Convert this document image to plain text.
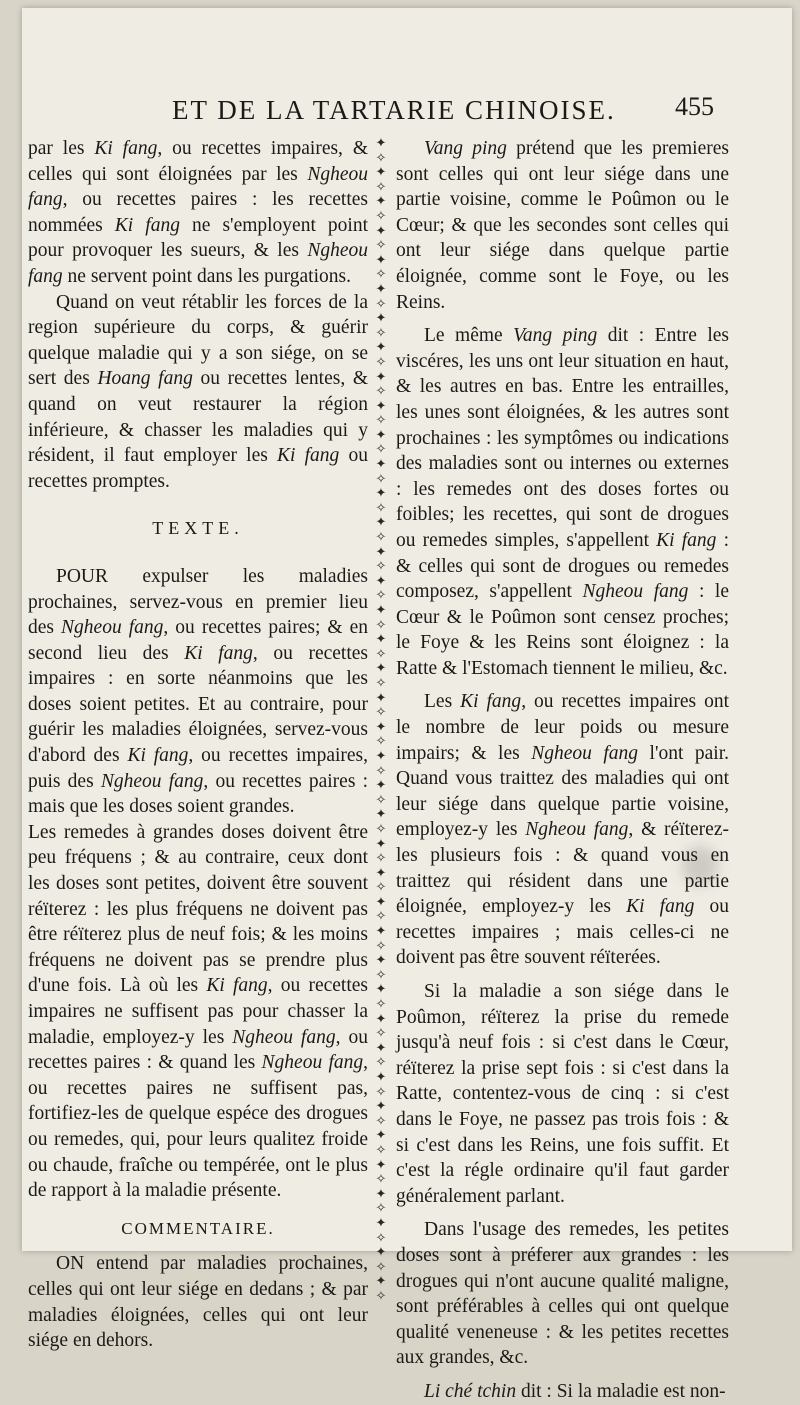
ET DE LA TARTARIE CHINOISE. 455

par les Ki fang, ou recettes impaires, & celles qui sont éloignées par les Ngheou fang, ou recettes paires : les recettes nommées Ki fang ne s'employent point pour provoquer les sueurs, & les Ngheou fang ne servent point dans les purgations.

Quand on veut rétablir les forces de la region supérieure du corps, & guérir quelque maladie qui y a son siége, on se sert des Hoang fang ou recettes lentes, & quand on veut restaurer la région inférieure, & chasser les maladies qui y résident, il faut employer les Ki fang ou recettes promptes.

TEXTE.

POUR expulser les maladies prochaines, servez-vous en premier lieu des Ngheou fang, ou recettes paires; & en second lieu des Ki fang, ou recettes impaires : en sorte néanmoins que les doses soient petites. Et au contraire, pour guérir les maladies éloignées, servez-vous d'abord des Ki fang, ou recettes impaires, puis des Ngheou fang, ou recettes paires : mais que les doses soient grandes.

Les remedes à grandes doses doivent être peu fréquens ; & au contraire, ceux dont les doses sont petites, doivent être souvent réïterez : les plus fréquens ne doivent pas être réïterez plus de neuf fois; & les moins fréquens ne doivent pas se prendre plus d'une fois. Là où les Ki fang, ou recettes impaires ne suffisent pas pour chasser la maladie, employez-y les Ngheou fang, ou recettes paires : & quand les Ngheou fang, ou recettes paires ne suffisent pas, fortifiez-les de quelque espéce des drogues ou remedes, qui, pour leurs qualitez froide ou chaude, fraîche ou tempérée, ont le plus de rapport à la maladie présente.

COMMENTAIRE.

ON entend par maladies prochaines, celles qui ont leur siége en dedans ; & par maladies éloignées, celles qui ont leur siége en dehors.

✦
✧
✦
✧
✦
✧
✦
✧
✦
✧
✦
✧
✦
✧
✦
✧
✦
✧
✦
✧
✦
✧
✦
✧
✦
✧
✦
✧
✦
✧
✦
✧
✦
✧
✦
✧
✦
✧
✦
✧
✦
✧
✦
✧
✦
✧
✦
✧
✦
✧
✦
✧
✦
✧
✦
✧
✦
✧
✦
✧
✦
✧
✦
✧
✦
✧
✦
✧
✦
✧
✦
✧
✦
✧
✦
✧
✦
✧
✦
✧

Vang ping prétend que les premieres sont celles qui ont leur siége dans une partie voisine, comme le Poûmon ou le Cœur; & que les secondes sont celles qui ont leur siége dans quelque partie éloignée, comme sont le Foye, ou les Reins.

Le même Vang ping dit : Entre les viscéres, les uns ont leur situation en haut, & les autres en bas. Entre les entrailles, les unes sont éloignées, & les autres sont prochaines : les symptômes ou indications des maladies sont ou internes ou externes : les remedes ont des doses fortes ou foibles; les recettes, qui sont de drogues ou remedes simples, s'appellent Ki fang : & celles qui sont de drogues ou remedes composez, s'appellent Ngheou fang : le Cœur & le Poûmon sont censez proches; le Foye & les Reins sont éloignez : la Ratte & l'Estomach tiennent le milieu, &c.

Les Ki fang, ou recettes impaires ont le nombre de leur poids ou mesure impairs; & les Ngheou fang l'ont pair. Quand vous traittez des maladies qui ont leur siége dans quelque partie voisine, employez-y les Ngheou fang, & réïterez-les plusieurs fois : & quand vous en traittez qui résident dans une partie éloignée, employez-y les Ki fang ou recettes impaires ; mais celles-ci ne doivent pas être souvent réïterées.

Si la maladie a son siége dans le Poûmon, réïterez la prise du remede jusqu'à neuf fois : si c'est dans le Cœur, réïterez la prise sept fois : si c'est dans la Ratte, contentez-vous de cinq : si c'est dans le Foye, ne passez pas trois fois : & si c'est dans les Reins, une fois suffit. Et c'est la régle ordinaire qu'il faut garder généralement parlant.

Dans l'usage des remedes, les petites doses sont à préferer aux grandes : les drogues qui n'ont aucune qualité maligne, sont préférables à celles qui ont quelque qualité veneneuse : & les petites recettes aux grandes, &c.

Li ché tchin dit : Si la maladie est non-
